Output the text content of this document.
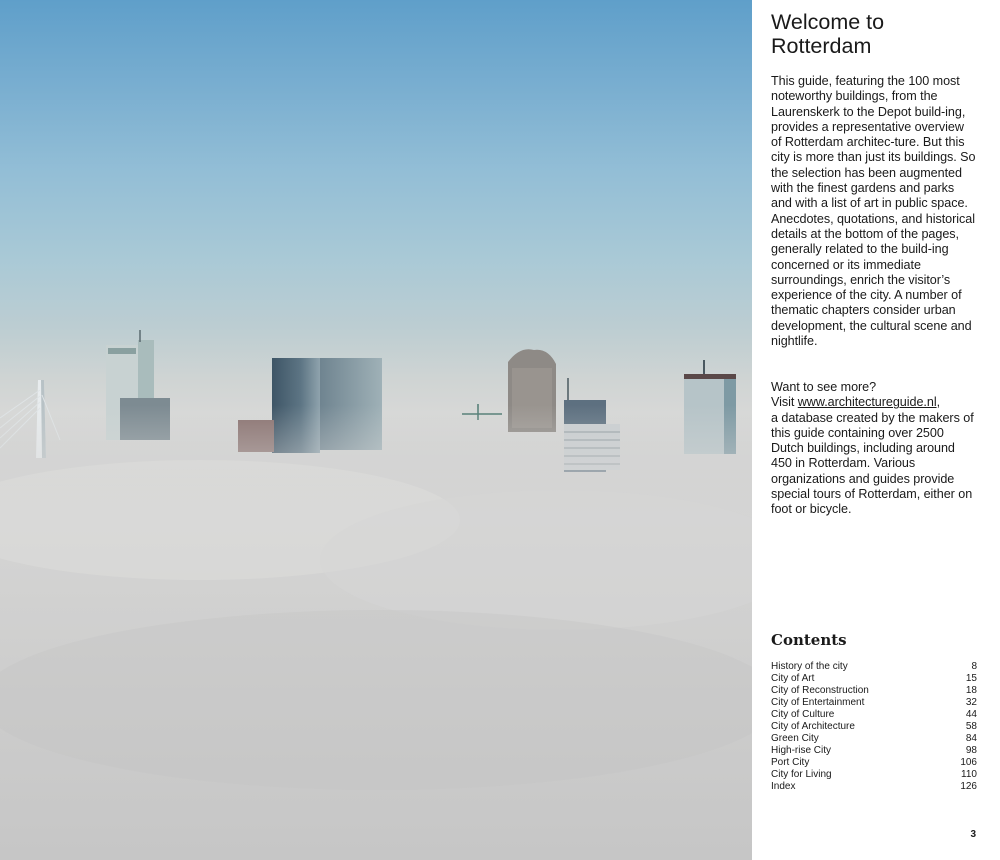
Welcome to Rotterdam

This guide, featuring the 100 most noteworthy buildings, from the Laurenskerk to the Depot build-ing, provides a representative overview of Rotterdam architec-ture. But this city is more than just its buildings. So the selection has been augmented with the finest gardens and parks and with a list of art in public space. Anecdotes, quotations, and historical details at the bottom of the pages, generally related to the build-ing concerned or its immediate surroundings, enrich the visitor’s experience of the city. A number of thematic chapters consider urban development, the cultural scene and nightlife.

Want to see more?
Visit www.architectureguide.nl,
a database created by the makers of this guide containing over 2500 Dutch buildings, including around 450 in Rotterdam. Various organizations and guides provide special tours of Rotterdam, either on foot or bicycle.

Contents
History of the city	8
City of Art	15
City of Reconstruction	18
City of Entertainment	32
City of Culture	44
City of Architecture	58
Green City	84
High-rise City	98
Port City	106
City for Living	110
Index	126
3
